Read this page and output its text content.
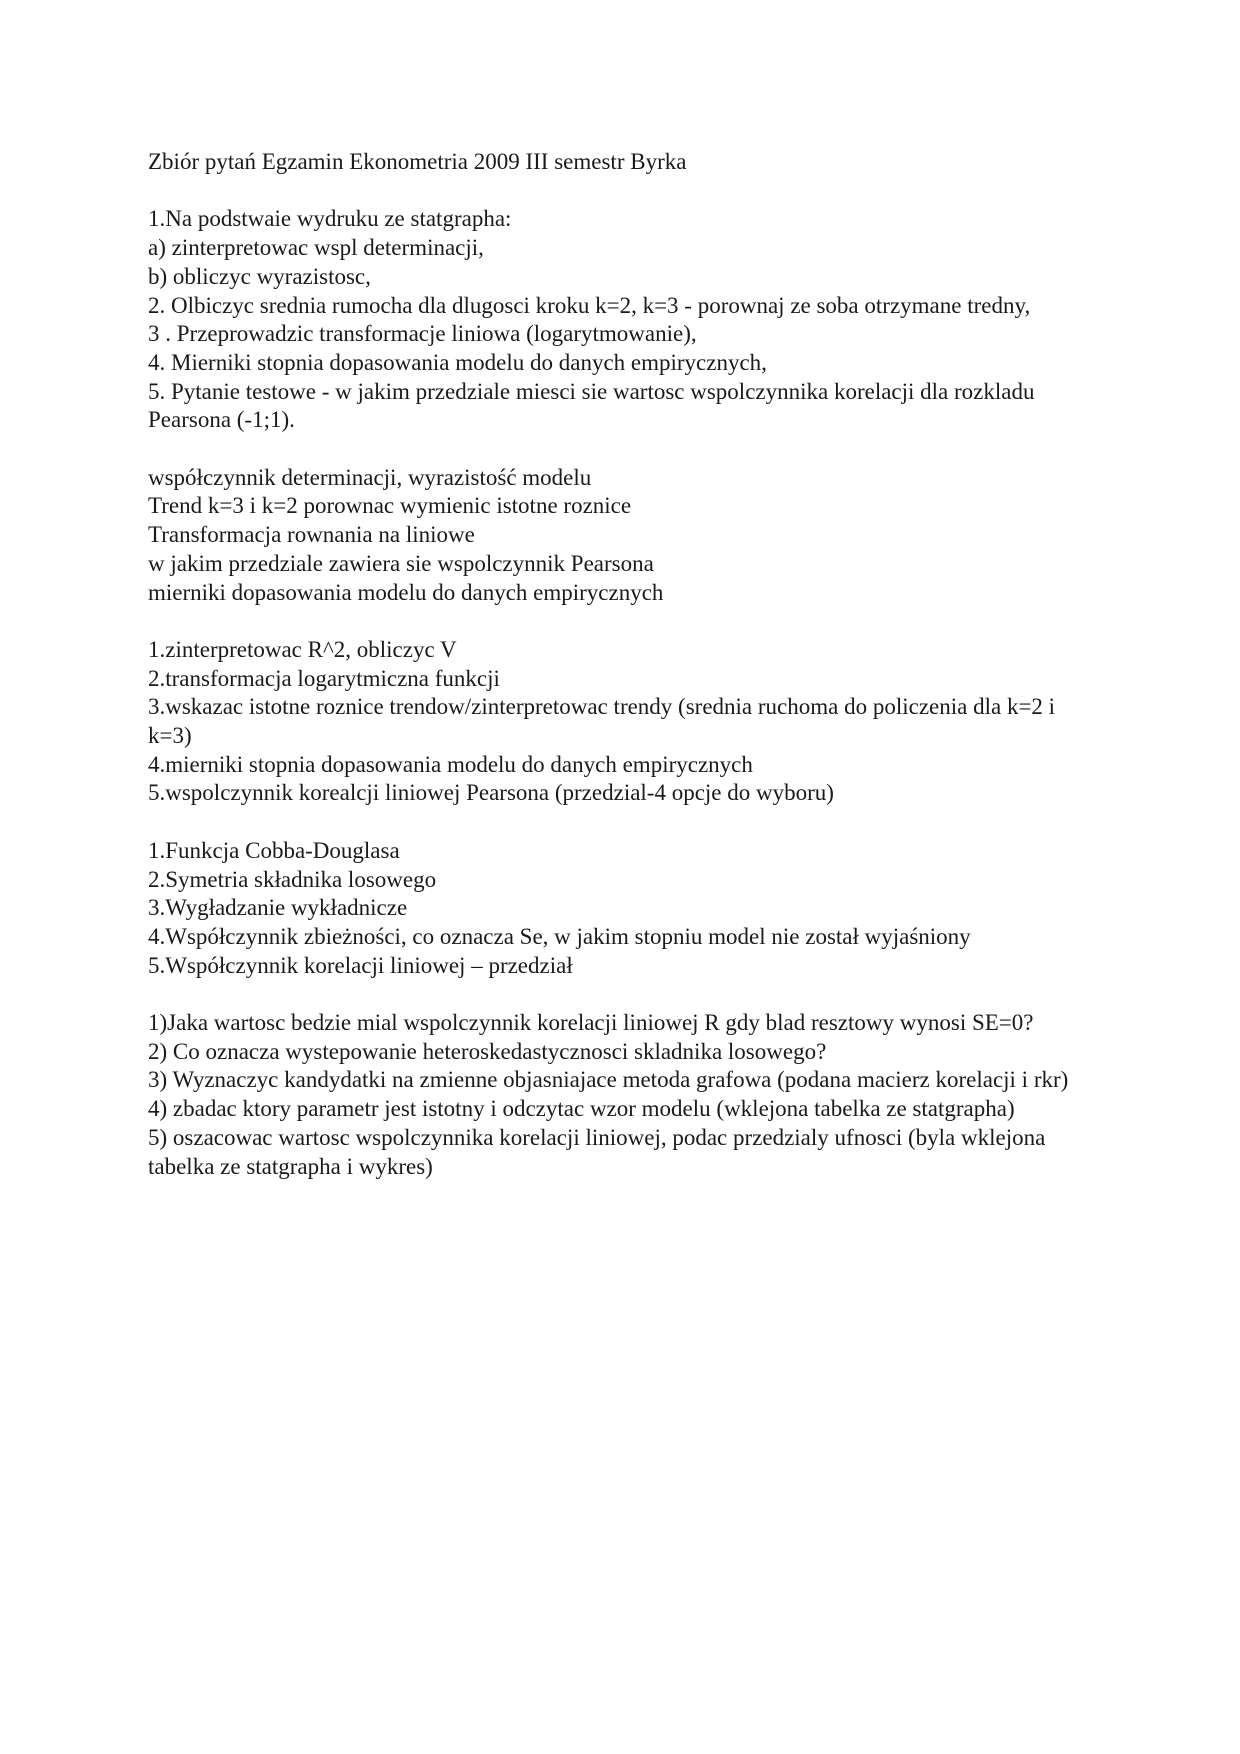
Zbiór pytań Egzamin Ekonometria 2009 III semestr Byrka

1.Na podstwaie wydruku ze statgrapha:

a) zinterpretowac wspl determinacji,

b) obliczyc wyrazistosc,

2. Olbiczyc srednia rumocha dla dlugosci kroku k=2, k=3 - porownaj ze soba otrzymane tredny,

3 . Przeprowadzic transformacje liniowa (logarytmowanie),

4. Mierniki stopnia dopasowania modelu do danych empirycznych,

5. Pytanie testowe - w jakim przedziale miesci sie wartosc wspolczynnika korelacji dla rozkladu Pearsona (-1;1).

współczynnik determinacji, wyrazistość modelu

Trend k=3 i k=2 porownac wymienic istotne roznice

Transformacja rownania na liniowe

w jakim przedziale zawiera sie wspolczynnik Pearsona

mierniki dopasowania modelu do danych empirycznych

1.zinterpretowac R^2, obliczyc V

2.transformacja logarytmiczna funkcji

3.wskazac istotne roznice trendow/zinterpretowac trendy (srednia ruchoma do policzenia dla k=2 i k=3)

4.mierniki stopnia dopasowania modelu do danych empirycznych

5.wspolczynnik korealcji liniowej Pearsona (przedzial-4 opcje do wyboru)

1.Funkcja Cobba-Douglasa

2.Symetria składnika losowego

3.Wygładzanie wykładnicze

4.Współczynnik zbieżności, co oznacza Se, w jakim stopniu model nie został wyjaśniony

5.Współczynnik korelacji liniowej – przedział

1)Jaka wartosc bedzie mial wspolczynnik korelacji liniowej R gdy blad resztowy wynosi SE=0?

2) Co oznacza wystepowanie heteroskedastycznosci skladnika losowego?

3) Wyznaczyc kandydatki na zmienne objasniajace metoda grafowa (podana macierz korelacji i rkr)

4) zbadac ktory parametr jest istotny i odczytac wzor modelu (wklejona tabelka ze statgrapha)

5) oszacowac wartosc wspolczynnika korelacji liniowej, podac przedzialy ufnosci (byla wklejona tabelka ze statgrapha i wykres)
